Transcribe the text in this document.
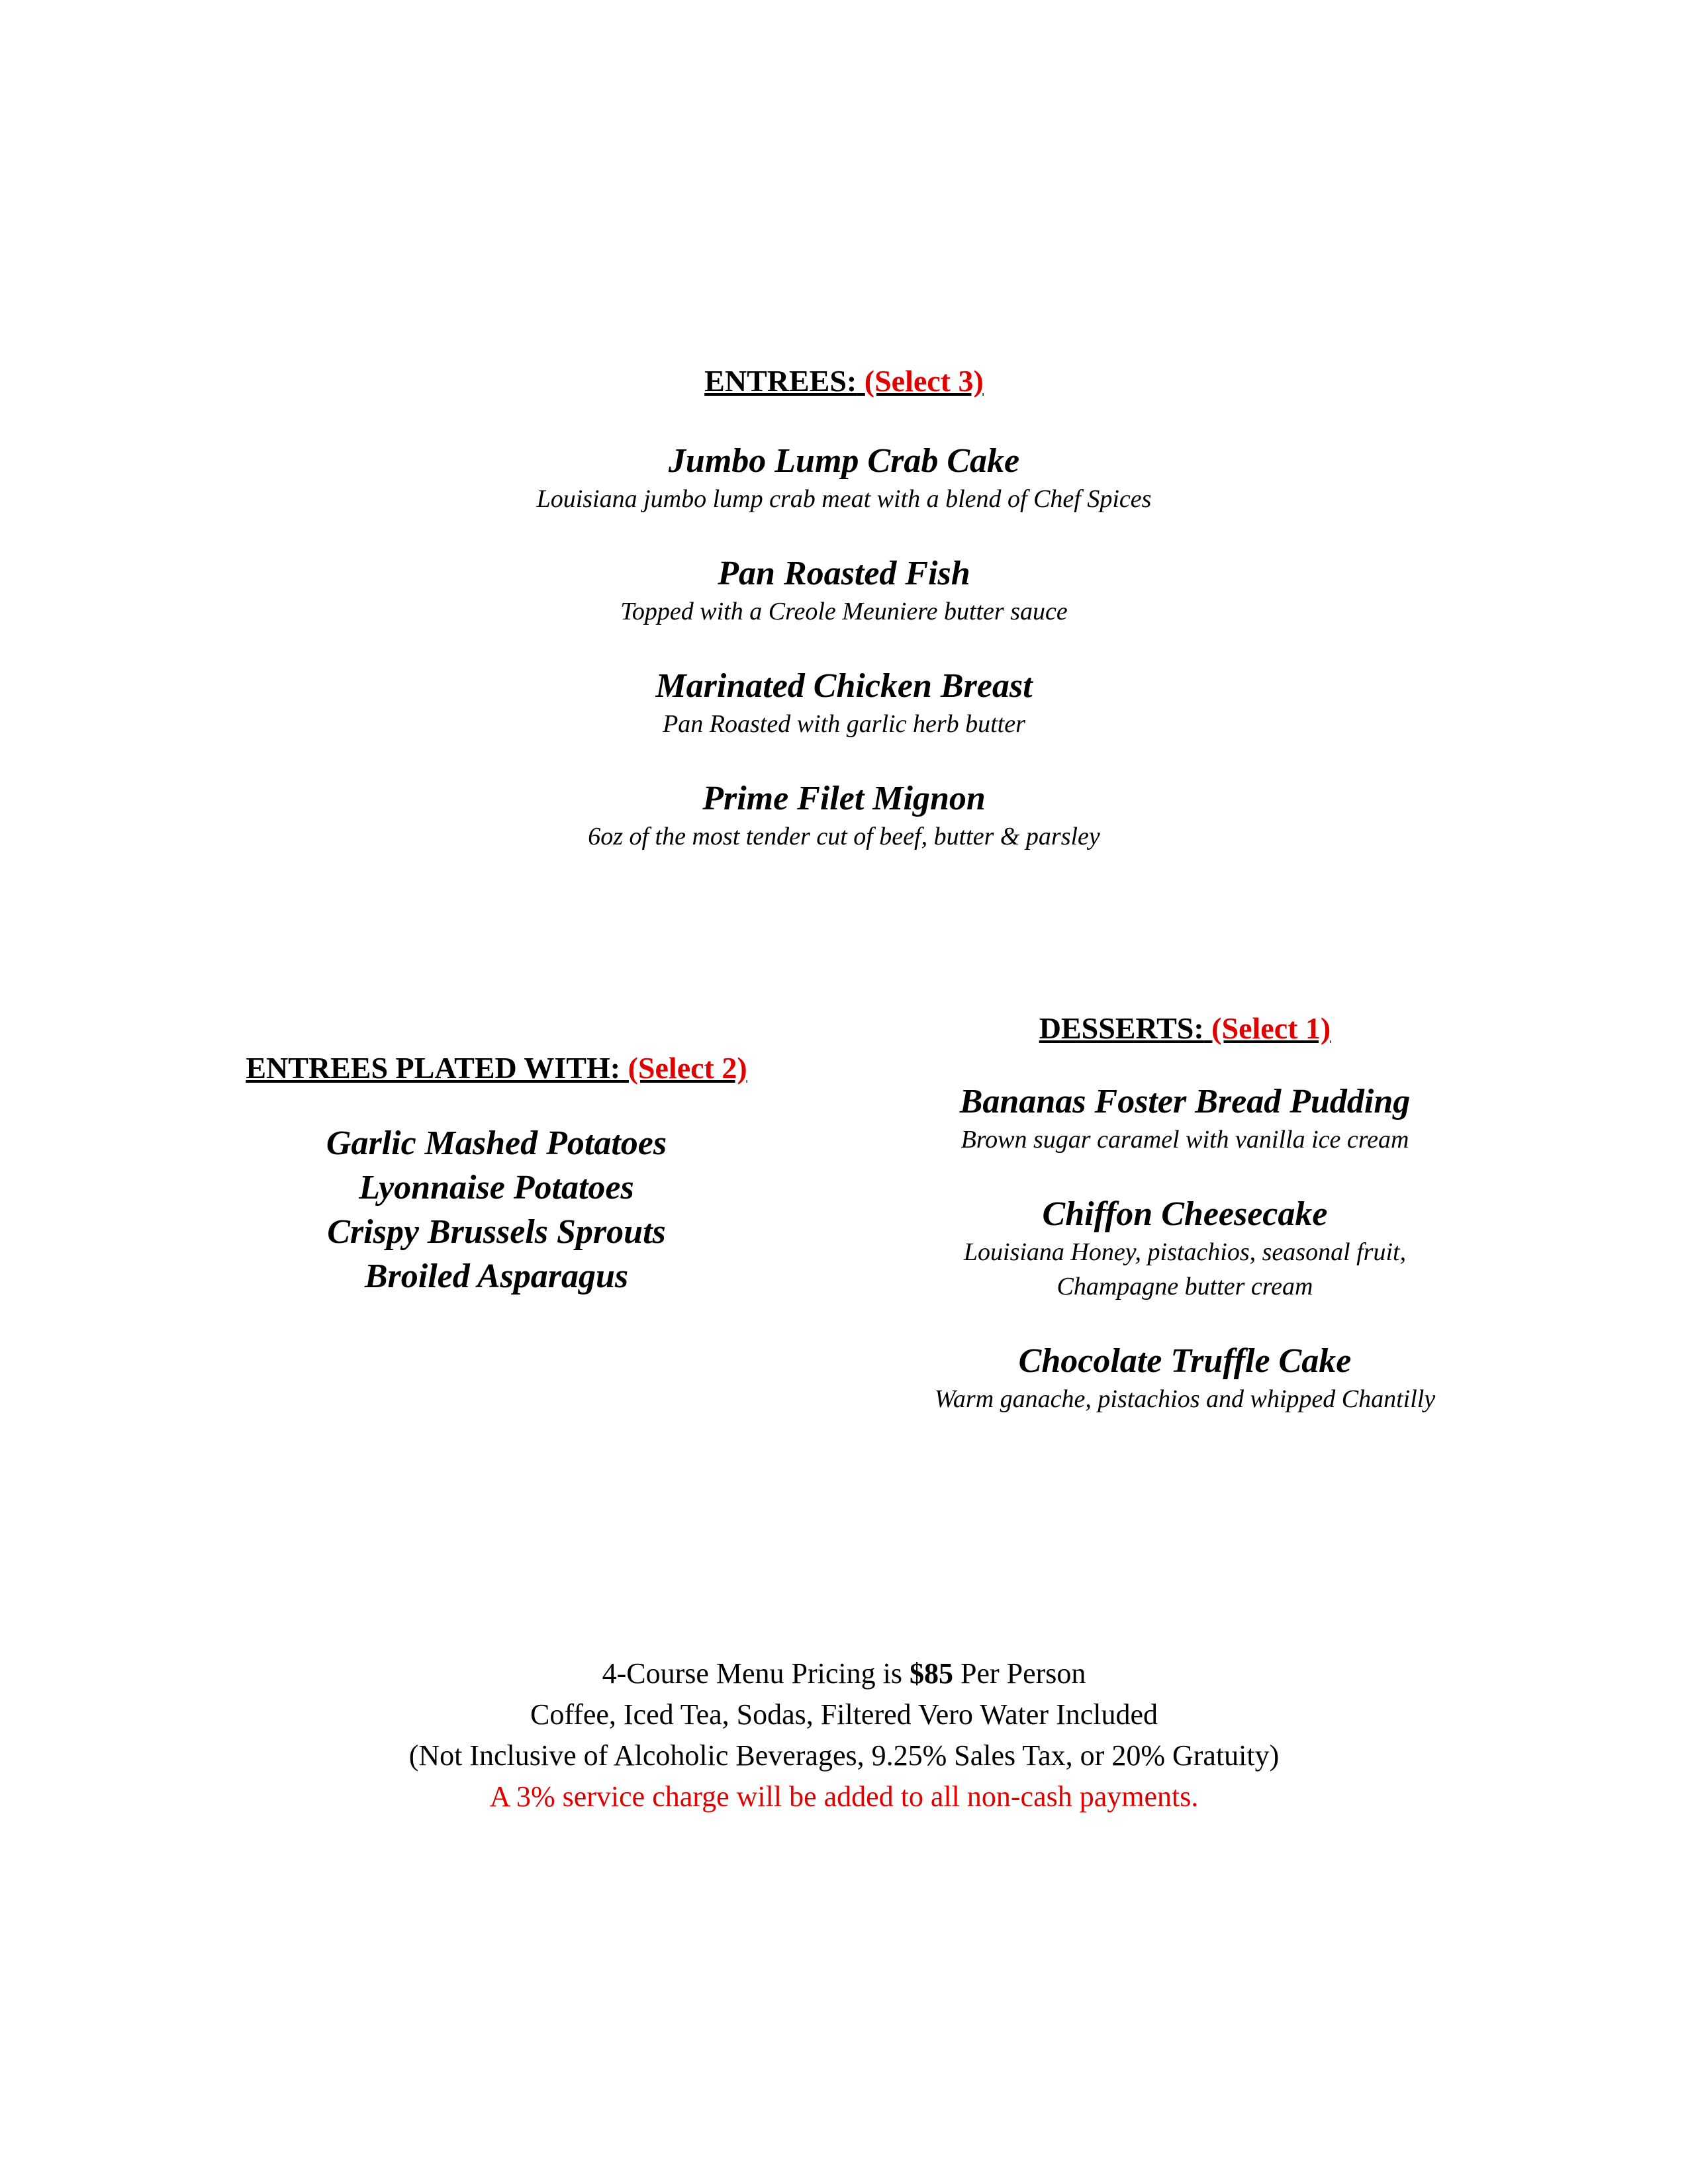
ENTREES: (Select 3)
Jumbo Lump Crab Cake
Louisiana jumbo lump crab meat with a blend of Chef Spices
Pan Roasted Fish
Topped with a Creole Meuniere butter sauce
Marinated Chicken Breast
Pan Roasted with garlic herb butter
Prime Filet Mignon
6oz of the most tender cut of beef, butter & parsley
ENTREES PLATED WITH: (Select 2)
Garlic Mashed Potatoes
Lyonnaise Potatoes
Crispy Brussels Sprouts
Broiled Asparagus
DESSERTS: (Select 1)
Bananas Foster Bread Pudding
Brown sugar caramel with vanilla ice cream
Chiffon Cheesecake
Louisiana Honey, pistachios, seasonal fruit,
Champagne butter cream
Chocolate Truffle Cake
Warm ganache, pistachios and whipped Chantilly
4-Course Menu Pricing is $85 Per Person
Coffee, Iced Tea, Sodas, Filtered Vero Water Included
(Not Inclusive of Alcoholic Beverages, 9.25% Sales Tax, or 20% Gratuity)
A 3% service charge will be added to all non-cash payments.
